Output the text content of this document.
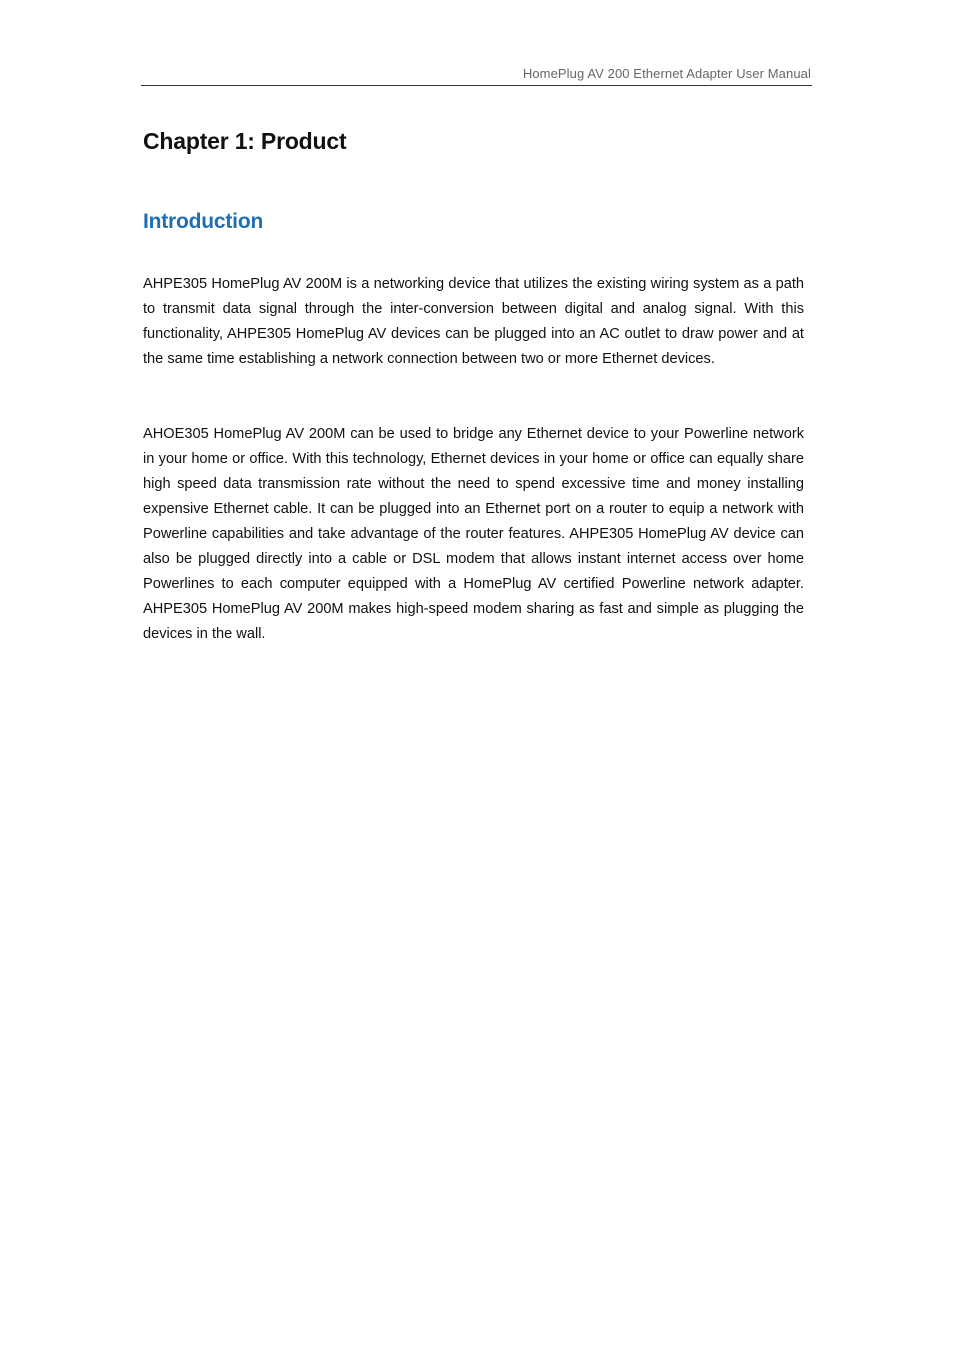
HomePlug AV 200 Ethernet Adapter User Manual
Chapter 1: Product
Introduction

AHPE305 HomePlug AV 200M is a networking device that utilizes the existing wiring system as a path to transmit data signal through the inter-conversion between digital and analog signal. With this functionality, AHPE305 HomePlug AV devices can be plugged into an AC outlet to draw power and at the same time establishing a network connection between two or more Ethernet devices.

AHOE305 HomePlug AV 200M can be used to bridge any Ethernet device to your Powerline network in your home or office. With this technology, Ethernet devices in your home or office can equally share high speed data transmission rate without the need to spend excessive time and money installing expensive Ethernet cable. It can be plugged into an Ethernet port on a router to equip a network with Powerline capabilities and take advantage of the router features. AHPE305 HomePlug AV device can also be plugged directly into a cable or DSL modem that allows instant internet access over home Powerlines to each computer equipped with a HomePlug AV certified Powerline network adapter. AHPE305 HomePlug AV 200M makes high-speed modem sharing as fast and simple as plugging the devices in the wall.
